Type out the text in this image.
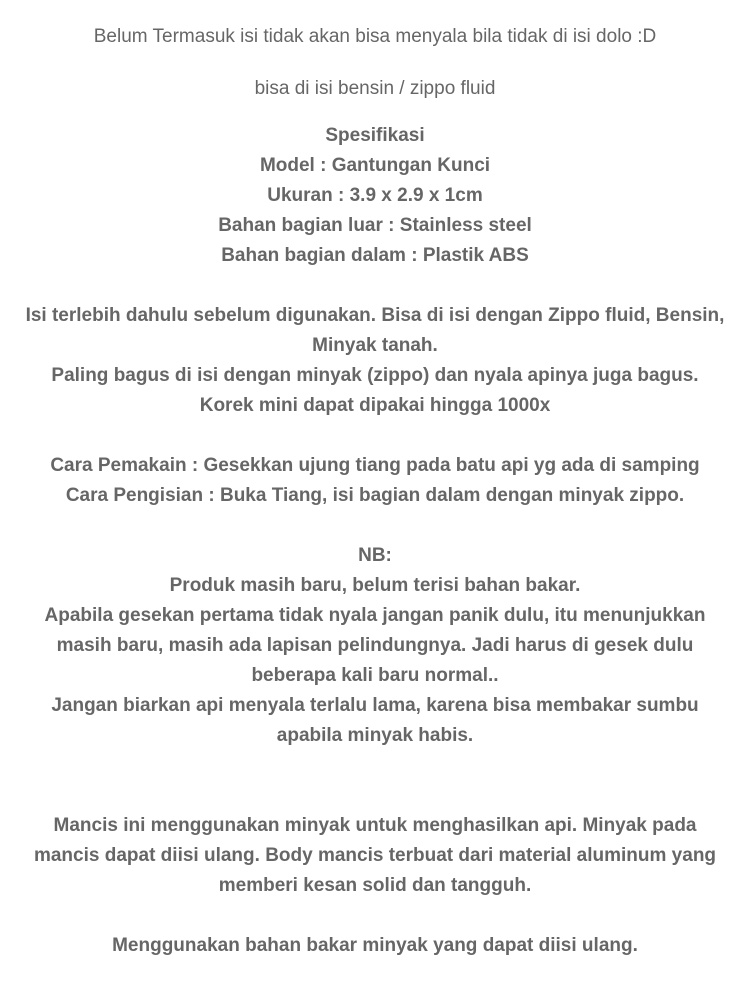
Belum Termasuk isi tidak akan bisa menyala bila tidak di isi dolo :D
bisa di isi bensin / zippo fluid
Spesifikasi
Model : Gantungan Kunci
Ukuran : 3.9 x 2.9 x 1cm
Bahan bagian luar : Stainless steel
Bahan bagian dalam : Plastik ABS
Isi terlebih dahulu sebelum digunakan. Bisa di isi dengan Zippo fluid, Bensin,
Minyak tanah.
Paling bagus di isi dengan minyak (zippo) dan nyala apinya juga bagus.
Korek mini dapat dipakai hingga 1000x
Cara Pemakain : Gesekkan ujung tiang pada batu api yg ada di samping
Cara Pengisian : Buka Tiang, isi bagian dalam dengan minyak zippo.
NB:
Produk masih baru, belum terisi bahan bakar.
Apabila gesekan pertama tidak nyala jangan panik dulu, itu menunjukkan
masih baru, masih ada lapisan pelindungnya. Jadi harus di gesek dulu
beberapa kali baru normal..
Jangan biarkan api menyala terlalu lama, karena bisa membakar sumbu
apabila minyak habis.
Mancis ini menggunakan minyak untuk menghasilkan api. Minyak pada
mancis dapat diisi ulang. Body mancis terbuat dari material aluminum yang
memberi kesan solid dan tangguh.
Menggunakan bahan bakar minyak yang dapat diisi ulang.
